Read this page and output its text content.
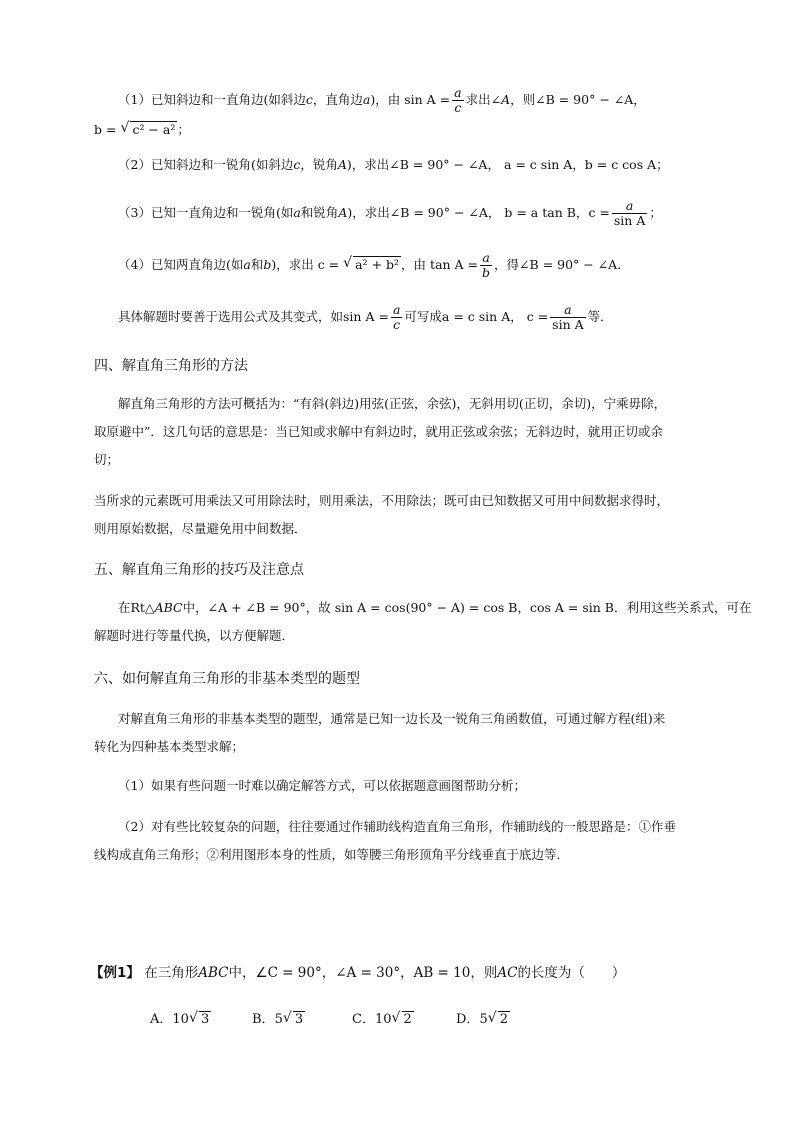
（1）已知斜边和一直角边(如斜边c，直角边a)，由 $\sin A = \frac{a}{c}$ 求出∠A，则∠B = 90° − ∠A，
b = √ c² − a² ；
（2）已知斜边和一锐角(如斜边c，锐角A)，求出∠B = 90° − ∠A， a = c sin A，b = c cos A；
（3）已知一直角边和一锐角(如a和锐角A)，求出∠B = 90° − ∠A， b = a tan B，$c = \frac{a}{\text{sin A}}$ ；
（4）已知两直角边(如a和b)，求出 c = √ a² + b² ，由 $\tan A = \frac{a}{b}$ ，得∠B = 90° − ∠A．
具体解题时要善于选用公式及其变式，如$\sin A = \frac{a}{c}$ 可写成a = c sin A， $c = \frac{a}{\text{sin A}}$ 等．
四、解直角三角形的方法
解直角三角形的方法可概括为：“有斜(斜边)用弦(正弦，余弦)，无斜用切(正切，余切)，宁乘毋除，
取原避中”．这几句话的意思是：当已知或求解中有斜边时，就用正弦或余弦；无斜边时，就用正切或余
切；
当所求的元素既可用乘法又可用除法时，则用乘法，不用除法；既可由已知数据又可用中间数据求得时，
则用原始数据，尽量避免用中间数据．
五、解直角三角形的技巧及注意点
在Rt△ABC中，∠A + ∠B = 90°，故 sin A = cos(90° − A) = cos B，cos A = sin B．利用这些关系式，可在
解题时进行等量代换，以方便解题．
六、如何解直角三角形的非基本类型的题型
对解直角三角形的非基本类型的题型，通常是已知一边长及一锐角三角函数值，可通过解方程(组)来
转化为四种基本类型求解；
（1）如果有些问题一时难以确定解答方式，可以依据题意画图帮助分析；
（2）对有些比较复杂的问题，往往要通过作辅助线构造直角三角形，作辅助线的一般思路是：①作垂
线构成直角三角形；②利用图形本身的性质，如等腰三角形顶角平分线垂直于底边等．
【例1】 在三角形ABC中，∠C = 90°，∠A = 30°，AB = 10，则AC的长度为（　　）
A．10 √ 3	B．5 √ 3	C．10 √ 2	D．5 √ 2
